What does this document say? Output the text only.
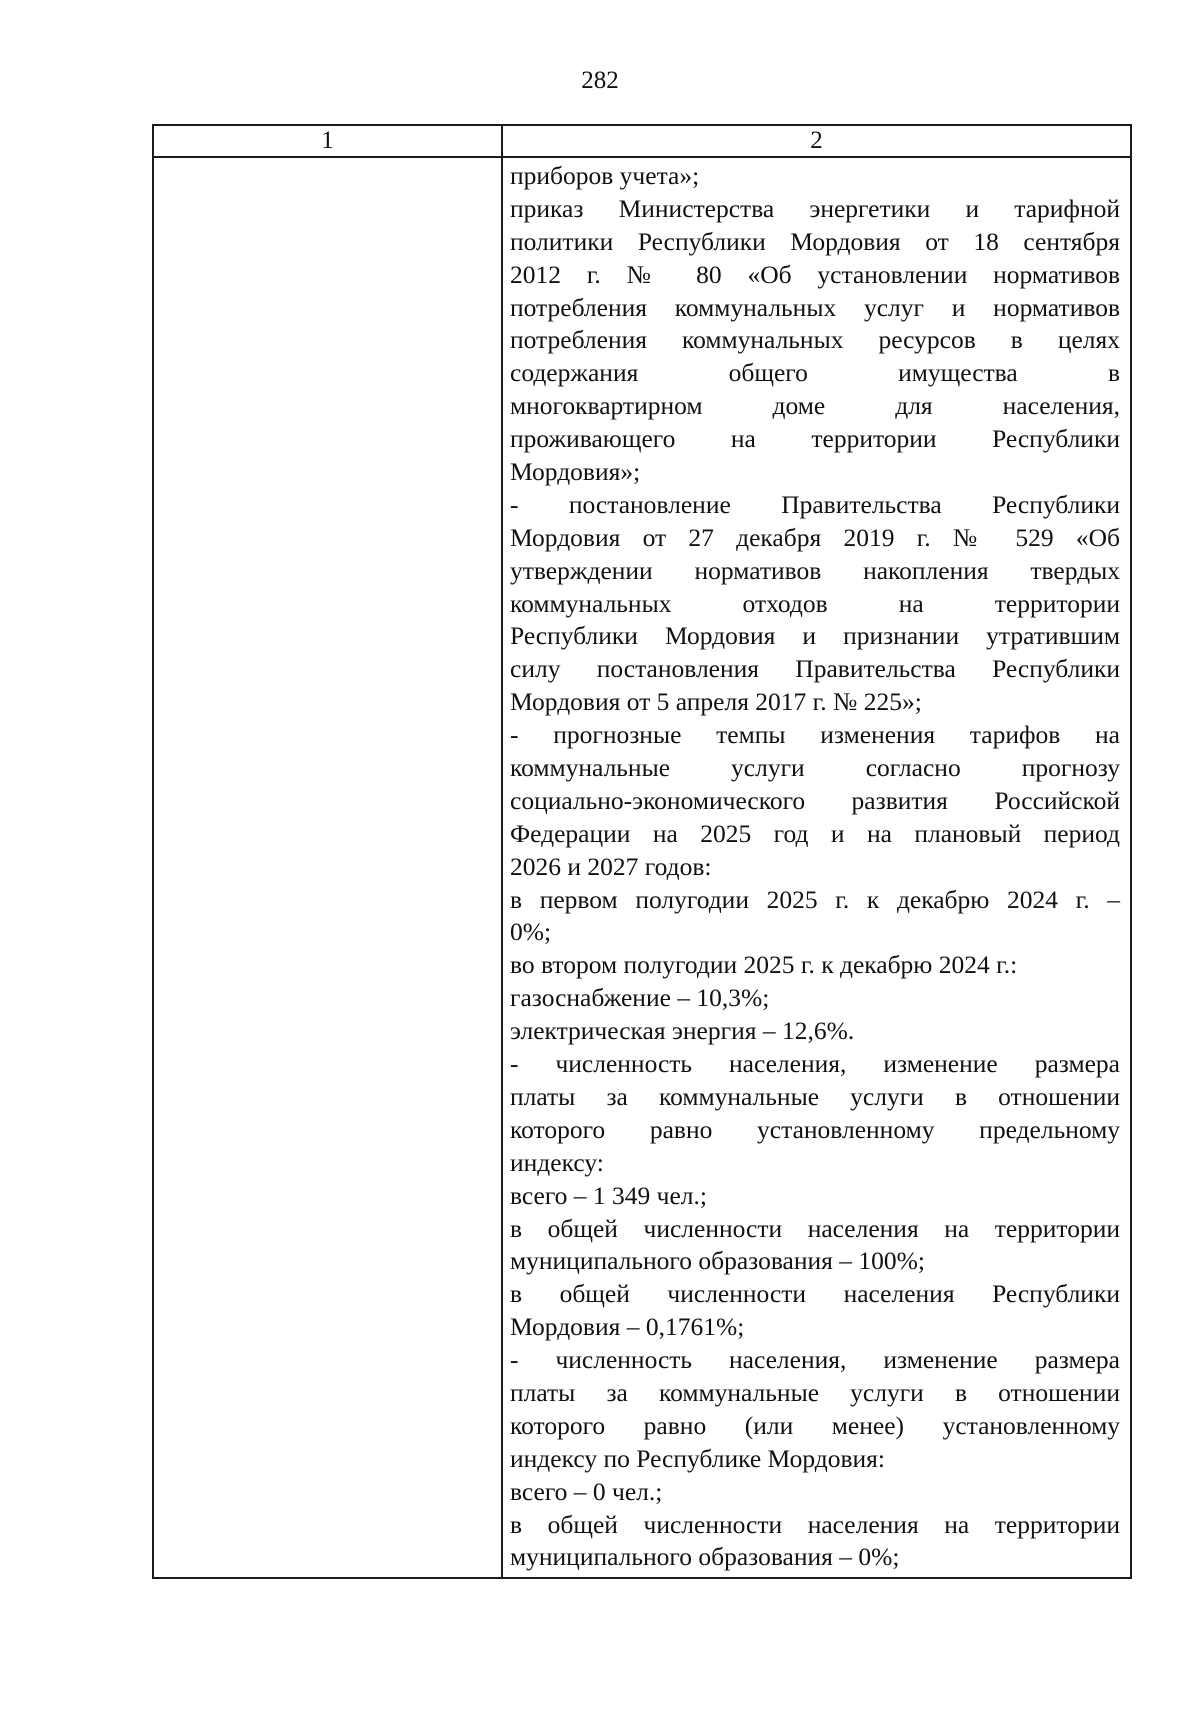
282
1	2
приборов учета»;
приказ Министерства энергетики и тарифной
политики Республики Мордовия от 18 сентября
2012 г. № 80 «Об установлении нормативов
потребления коммунальных услуг и нормативов
потребления коммунальных ресурсов в целях
содержания общего имущества в
многоквартирном доме для населения,
проживающего на территории Республики
Мордовия»;
- постановление Правительства Республики
Мордовия от 27 декабря 2019 г. № 529 «Об
утверждении нормативов накопления твердых
коммунальных отходов на территории
Республики Мордовия и признании утратившим
силу постановления Правительства Республики
Мордовия от 5 апреля 2017 г. № 225»;
- прогнозные темпы изменения тарифов на
коммунальные услуги согласно прогнозу
социально-экономического развития Российской
Федерации на 2025 год и на плановый период
2026 и 2027 годов:
в первом полугодии 2025 г. к декабрю 2024 г. –
0%;
во втором полугодии 2025 г. к декабрю 2024 г.:
газоснабжение – 10,3%;
электрическая энергия – 12,6%.
- численность населения, изменение размера
платы за коммунальные услуги в отношении
которого равно установленному предельному
индексу:
всего – 1 349 чел.;
в общей численности населения на территории
муниципального образования – 100%;
в общей численности населения Республики
Мордовия – 0,1761%;
- численность населения, изменение размера
платы за коммунальные услуги в отношении
которого равно (или менее) установленному
индексу по Республике Мордовия:
всего – 0 чел.;
в общей численности населения на территории
муниципального образования – 0%;
